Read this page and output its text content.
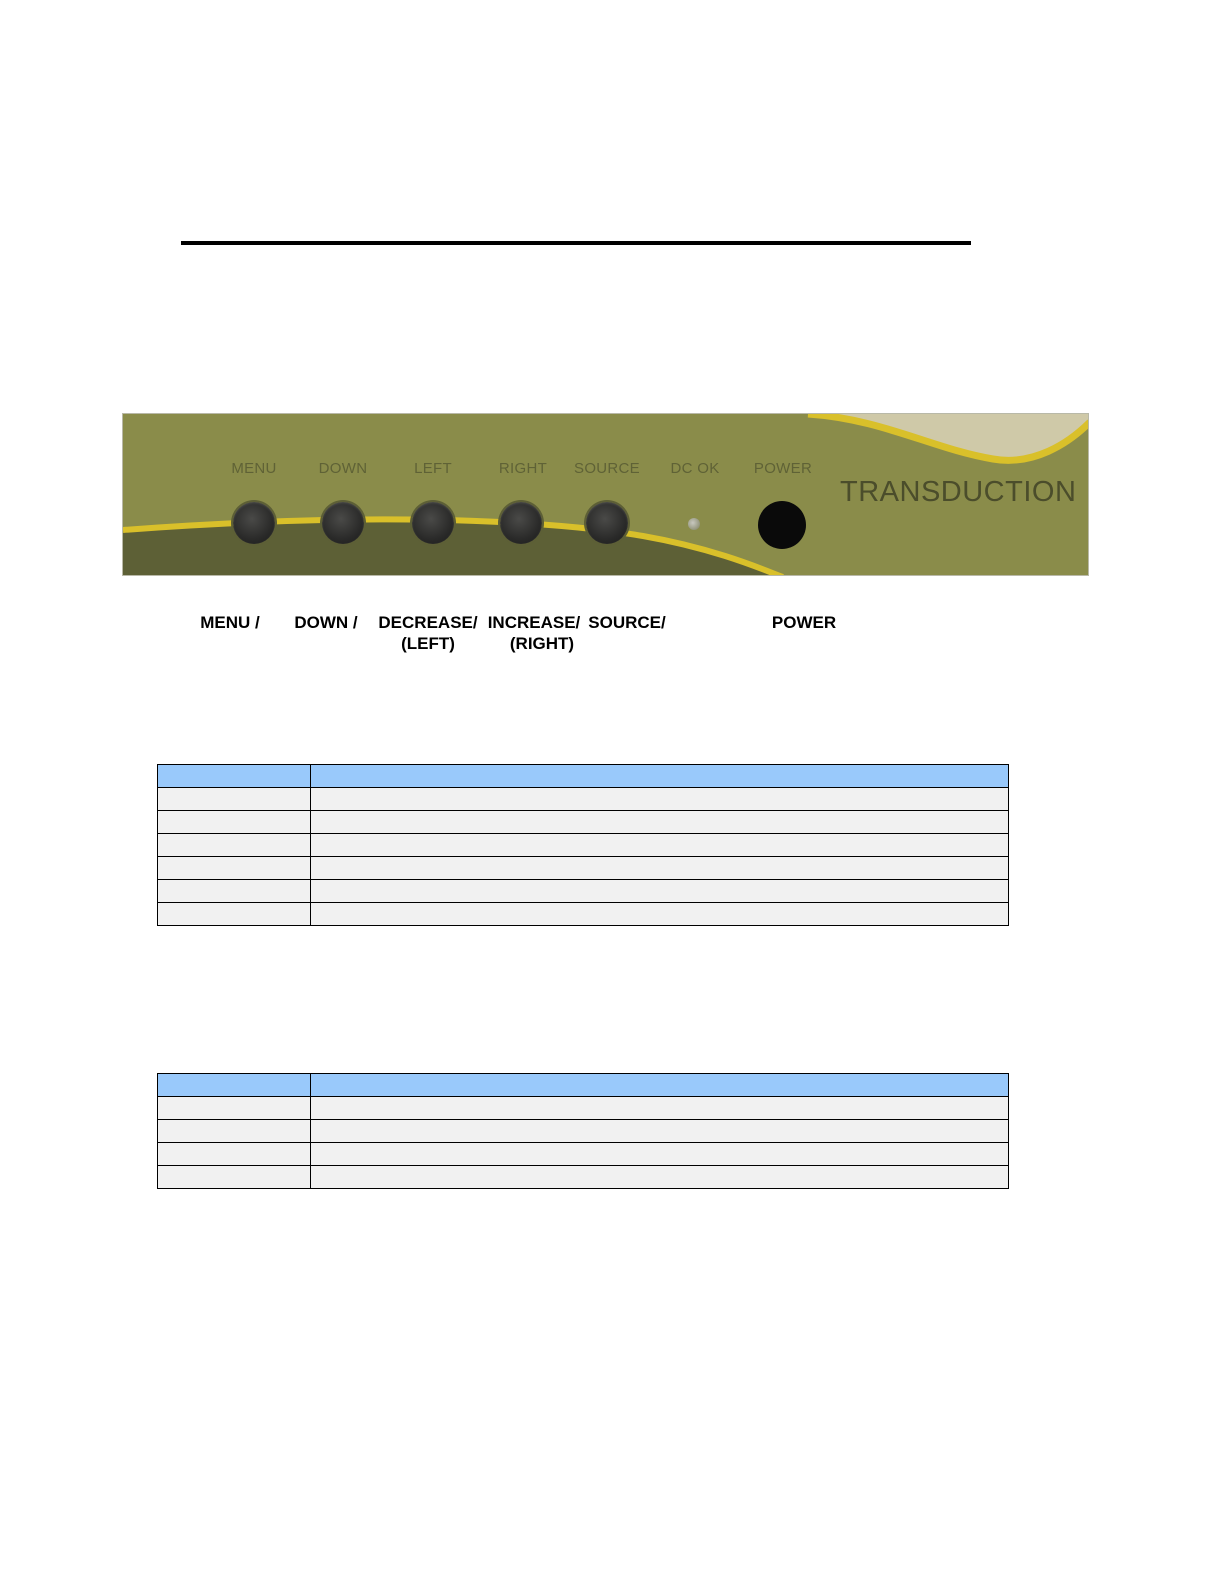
MENU	DOWN	LEFT	RIGHT SOURCE DC OK POWER
TRANSDUCTION
MENU / DOWN / DECREASE/
(LEFT)
INCREASE/
(RIGHT)
SOURCE/	POWER
